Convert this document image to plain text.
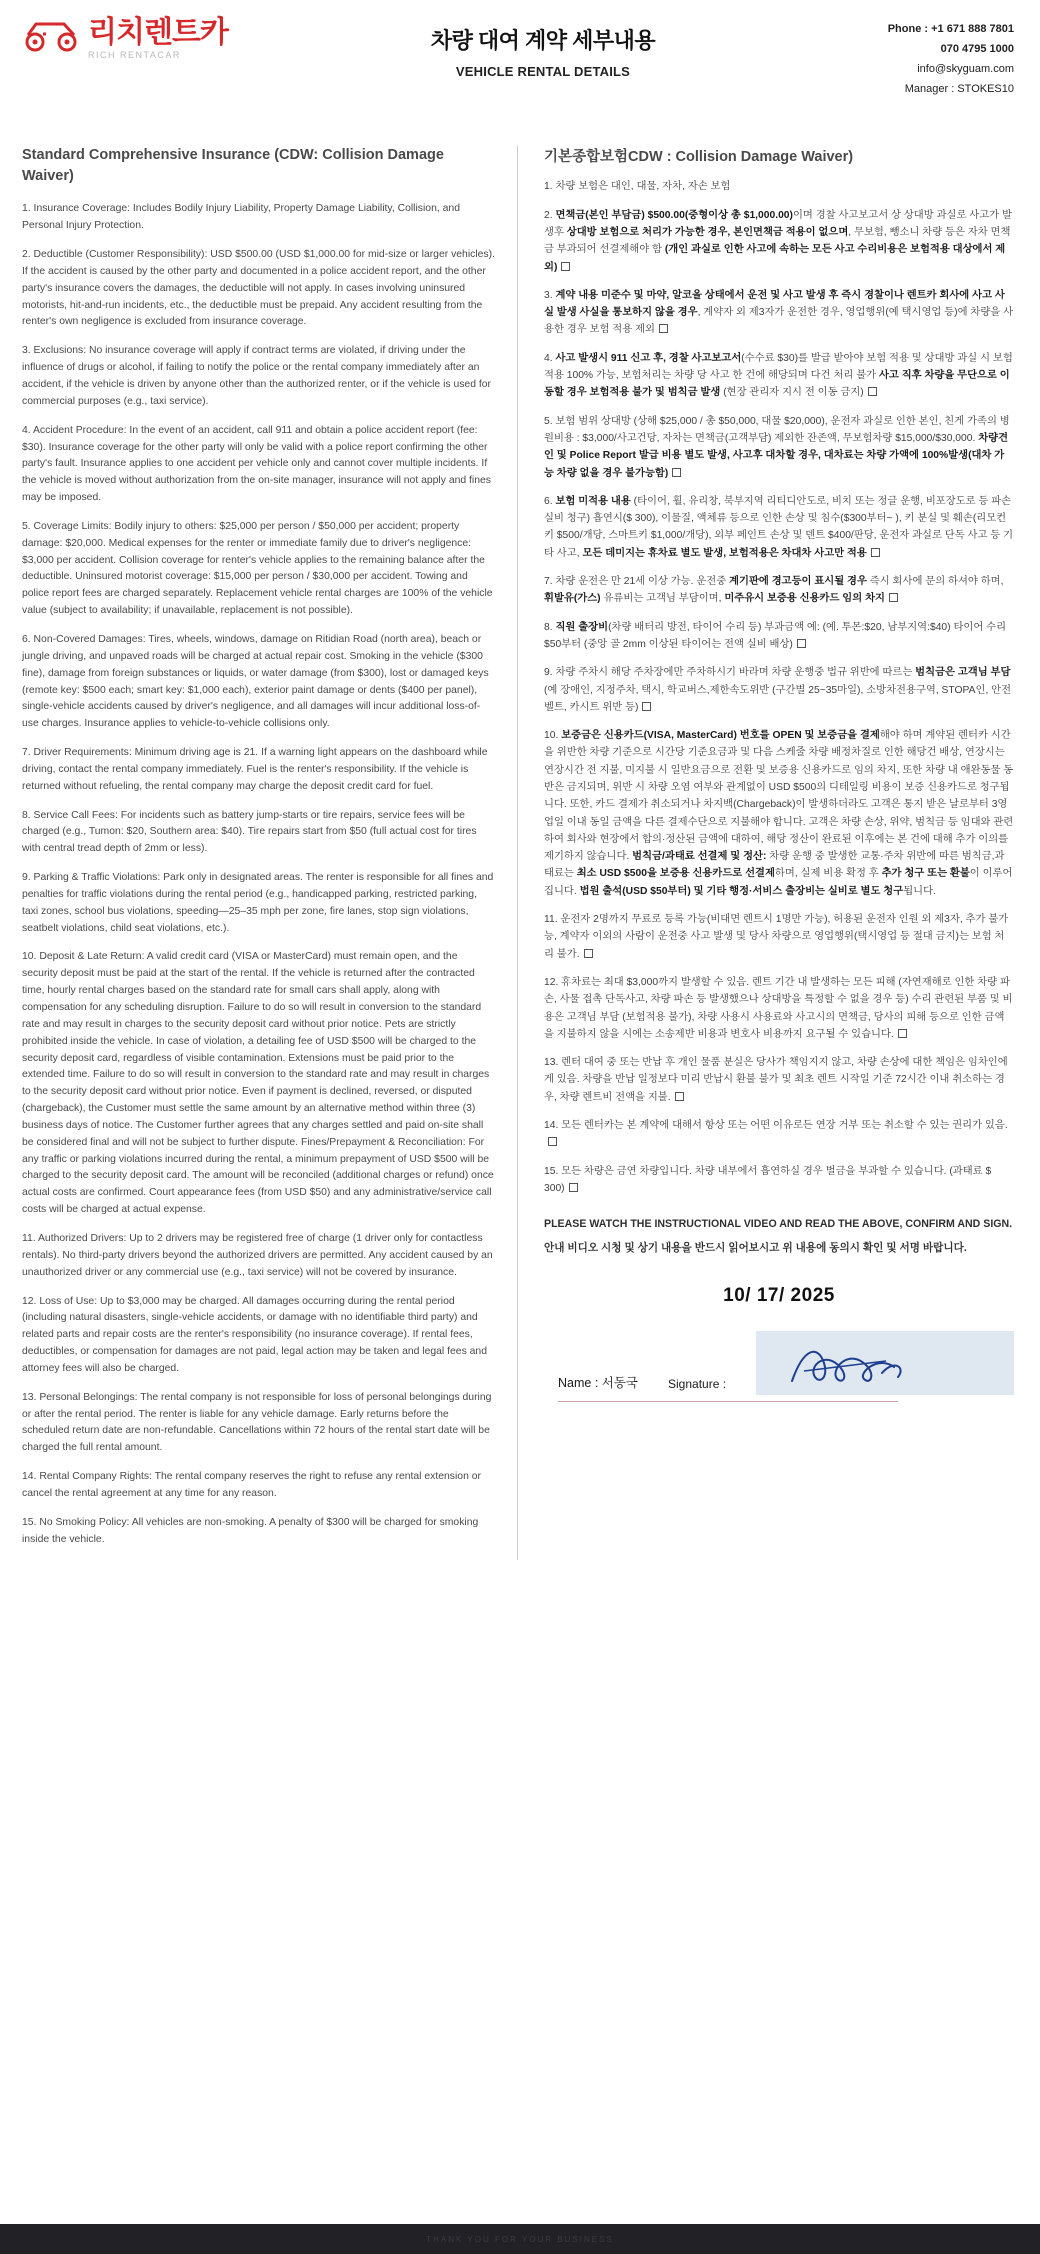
리치렌트카
RICH RENTACAR
차량 대여 계약 세부내용
VEHICLE RENTAL DETAILS
Phone : +1 671 888 7801
070 4795 1000
info@skyguam.com
Manager : STOKES10
Standard Comprehensive Insurance (CDW: Collision Damage Waiver)

1. Insurance Coverage: Includes Bodily Injury Liability, Property Damage Liability, Collision, and Personal Injury Protection.

2. Deductible (Customer Responsibility): USD $500.00 (USD $1,000.00 for mid-size or larger vehicles). If the accident is caused by the other party and documented in a police accident report, and the other party's insurance covers the damages, the deductible will not apply. In cases involving uninsured motorists, hit-and-run incidents, etc., the deductible must be prepaid. Any accident resulting from the renter's own negligence is excluded from insurance coverage.

3. Exclusions: No insurance coverage will apply if contract terms are violated, if driving under the influence of drugs or alcohol, if failing to notify the police or the rental company immediately after an accident, if the vehicle is driven by anyone other than the authorized renter, or if the vehicle is used for commercial purposes (e.g., taxi service).

4. Accident Procedure: In the event of an accident, call 911 and obtain a police accident report (fee: $30). Insurance coverage for the other party will only be valid with a police report confirming the other party's fault. Insurance applies to one accident per vehicle only and cannot cover multiple incidents. If the vehicle is moved without authorization from the on-site manager, insurance will not apply and fines may be imposed.

5. Coverage Limits: Bodily injury to others: $25,000 per person / $50,000 per accident; property damage: $20,000. Medical expenses for the renter or immediate family due to driver's negligence: $3,000 per accident. Collision coverage for renter's vehicle applies to the remaining balance after the deductible. Uninsured motorist coverage: $15,000 per person / $30,000 per accident. Towing and police report fees are charged separately. Replacement vehicle rental charges are 100% of the vehicle value (subject to availability; if unavailable, replacement is not possible).

6. Non-Covered Damages: Tires, wheels, windows, damage on Ritidian Road (north area), beach or jungle driving, and unpaved roads will be charged at actual repair cost. Smoking in the vehicle ($300 fine), damage from foreign substances or liquids, or water damage (from $300), lost or damaged keys (remote key: $500 each; smart key: $1,000 each), exterior paint damage or dents ($400 per panel), single-vehicle accidents caused by driver's negligence, and all damages will incur additional loss-of-use charges. Insurance applies to vehicle-to-vehicle collisions only.

7. Driver Requirements: Minimum driving age is 21. If a warning light appears on the dashboard while driving, contact the rental company immediately. Fuel is the renter's responsibility. If the vehicle is returned without refueling, the rental company may charge the deposit credit card for fuel.

8. Service Call Fees: For incidents such as battery jump-starts or tire repairs, service fees will be charged (e.g., Tumon: $20, Southern area: $40). Tire repairs start from $50 (full actual cost for tires with central tread depth of 2mm or less).

9. Parking & Traffic Violations: Park only in designated areas. The renter is responsible for all fines and penalties for traffic violations during the rental period (e.g., handicapped parking, restricted parking, taxi zones, school bus violations, speeding—25–35 mph per zone, fire lanes, stop sign violations, seatbelt violations, child seat violations, etc.).

10. Deposit & Late Return: A valid credit card (VISA or MasterCard) must remain open, and the security deposit must be paid at the start of the rental. If the vehicle is returned after the contracted time, hourly rental charges based on the standard rate for small cars shall apply, along with compensation for any scheduling disruption. Failure to do so will result in conversion to the standard rate and may result in charges to the security deposit card without prior notice. Pets are strictly prohibited inside the vehicle. In case of violation, a detailing fee of USD $500 will be charged to the security deposit card, regardless of visible contamination. Extensions must be paid prior to the extended time. Failure to do so will result in conversion to the standard rate and may result in charges to the security deposit card without prior notice. Even if payment is declined, reversed, or disputed (chargeback), the Customer must settle the same amount by an alternative method within three (3) business days of notice. The Customer further agrees that any charges settled and paid on-site shall be considered final and will not be subject to further dispute. Fines/Prepayment & Reconciliation: For any traffic or parking violations incurred during the rental, a minimum prepayment of USD $500 will be charged to the security deposit card. The amount will be reconciled (additional charges or refund) once actual costs are confirmed. Court appearance fees (from USD $50) and any administrative/service call costs will be charged at actual expense.

11. Authorized Drivers: Up to 2 drivers may be registered free of charge (1 driver only for contactless rentals). No third-party drivers beyond the authorized drivers are permitted. Any accident caused by an unauthorized driver or any commercial use (e.g., taxi service) will not be covered by insurance.

12. Loss of Use: Up to $3,000 may be charged. All damages occurring during the rental period (including natural disasters, single-vehicle accidents, or damage with no identifiable third party) and related parts and repair costs are the renter's responsibility (no insurance coverage). If rental fees, deductibles, or compensation for damages are not paid, legal action may be taken and legal fees and attorney fees will also be charged.

13. Personal Belongings: The rental company is not responsible for loss of personal belongings during or after the rental period. The renter is liable for any vehicle damage. Early returns before the scheduled return date are non-refundable. Cancellations within 72 hours of the rental start date will be charged the full rental amount.

14. Rental Company Rights: The rental company reserves the right to refuse any rental extension or cancel the rental agreement at any time for any reason.

15. No Smoking Policy: All vehicles are non-smoking. A penalty of $300 will be charged for smoking inside the vehicle.

기본종합보험CDW : Collision Damage Waiver)

1. 차량 보험은 대인, 대물, 자차, 자손 보험

2. 면책금(본인 부담금) $500.00(중형이상 총 $1,000.00)이며 경찰 사고보고서 상 상대방 과실로 사고가 발생후 상대방 보험으로 처리가 가능한 경우, 본인면책금 적용이 없으며, 무보험, 뺑소니 차량 등은 자차 면책금 부과되어 선결제해야 함 (개인 과실로 인한 사고에 속하는 모든 사고 수리비용은 보험적용 대상에서 제외)

3. 계약 내용 미준수 및 마약, 알코올 상태에서 운전 및 사고 발생 후 즉시 경찰이나 렌트카 회사에 사고 사실 발생 사실을 통보하지 않을 경우, 계약자 외 제3자가 운전한 경우, 영업행위(예 택시영업 등)에 차량을 사용한 경우 보험 적용 제외

4. 사고 발생시 911 신고 후, 경찰 사고보고서(수수료 $30)를 발급 받아야 보험 적용 및 상대방 과실 시 보험 적용 100% 가능, 보험처리는 차량 당 사고 한 건에 해당되며 다건 처리 불가 사고 직후 차량을 무단으로 이동할 경우 보험적용 불가 및 범칙금 발생 (현장 관리자 지시 전 이동 금지)

5. 보험 범위 상대방 (상해 $25,000 / 총 $50,000, 대물 $20,000), 운전자 과실로 인한 본인, 친게 가족의 병원비용 : $3,000/사고건당, 자차는 면책금(고객부담) 제외한 잔존액, 무보험차량 $15,000/$30,000. 차량견인 및 Police Report 발급 비용 별도 발생, 사고후 대차할 경우, 대차료는 차량 가액에 100%발생(대차 가능 차량 없을 경우 불가능함)

6. 보험 미적용 내용 (타이어, 휠, 유리창, 북부지역 리티디안도로, 비치 또는 정글 운행, 비포장도로 등 파손 실비 청구) 흡연시($ 300), 이물질, 액체류 등으로 인한 손상 및 침수($300부터~ ), 키 분실 및 훼손(리모컨키 $500/개당, 스마트키 $1,000/개당), 외부 페인트 손상 및 덴트 $400/판당, 운전자 과실로 단독 사고 등 기타 사고, 모든 데미지는 휴차료 별도 발생, 보험적용은 차대차 사고만 적용

7. 차량 운전은 만 21세 이상 가능. 운전중 계기판에 경고등이 표시될 경우 즉시 회사에 문의 하셔야 하며, 휘발유(가스) 유류비는 고객님 부담이며, 미주유시 보증용 신용카드 임의 차지

8. 직원 출장비(차량 배터리 방전, 타이어 수리 등) 부과금액 예: (예. 투몬:$20, 남부지역:$40) 타이어 수리 $50부터 (중앙 골 2mm 이상된 타이어는 전액 실비 배상)

9. 차량 주차시 해당 주차장에만 주차하시기 바라며 차량 운행중 법규 위반에 따르는 범칙금은 고객님 부담(예 장애인, 지정주차, 택시, 학교버스,제한속도위반 (구간별 25~35마일), 소방차전용구역, STOPA인, 안전벨트, 카시트 위반 등)

10. 보증금은 신용카드(VISA, MasterCard) 번호를 OPEN 및 보증금을 결제해야 하며 계약된 렌터카 시간을 위반한 차량 기준으로 시간당 기준요금과 및 다음 스케줄 차량 배정차질로 인한 해당건 배상, 연장시는 연장시간 전 지불, 미지불 시 일반요금으로 전환 및 보증용 신용카드로 임의 차지, 또한 차량 내 애완동물 동반은 금지되며, 위반 시 차량 오염 여부와 관계없이 USD $500의 디테일링 비용이 보증 신용카드로 청구됩니다. 또한, 카드 결제가 취소되거나 차지백(Chargeback)이 발생하더라도 고객은 통지 받은 날로부터 3영업일 이내 동일 금액을 다른 결제수단으로 지불해야 합니다. 고객은 차량 손상, 위약, 범칙금 등 임대와 관련하여 회사와 현장에서 합의·정산된 금액에 대하여, 해당 정산이 완료된 이후에는 본 건에 대해 추가 이의를 제기하지 않습니다. 범칙금/과태료 선결제 및 정산: 차량 운행 중 발생한 교통·주차 위반에 따른 범칙금,과태료는 최소 USD $500을 보증용 신용카드로 선결제하며, 실제 비용 확정 후 추가 청구 또는 환불이 이루어집니다. 법원 출석(USD $50부터) 및 기타 행정·서비스 출장비는 실비로 별도 청구됩니다.

11. 운전자 2명까지 무료로 등록 가능(비대면 렌트시 1명만 가능), 허용된 운전자 인원 외 제3자, 추가 불가능, 계약자 이외의 사람이 운전중 사고 발생 및 당사 차량으로 영업행위(택시영업 등 절대 금지)는 보험 처리 불가.

12. 휴차료는 최대 $3,000까지 발생할 수 있음. 렌트 기간 내 발생하는 모든 피해 (자연재해로 인한 차량 파손, 사물 접촉 단독사고, 차량 파손 등 발생했으나 상대방을 특정할 수 없을 경우 등) 수리 관련된 부품 및 비용은 고객님 부담 (보험적용 불가), 차량 사용시 사용료와 사고시의 면책금, 당사의 피해 등으로 인한 금액을 지불하지 않을 시에는 소송제반 비용과 변호사 비용까지 요구될 수 있습니다.

13. 렌터 대여 중 또는 반납 후 개인 물품 분실은 당사가 책임지지 않고, 차량 손상에 대한 책임은 임차인에게 있음. 차량을 반납 일정보다 미리 반납시 환불 불가 및 최초 렌트 시작일 기준 72시간 이내 취소하는 경우, 차량 렌트비 전액을 지불.

14. 모든 렌터카는 본 계약에 대해서 항상 또는 어떤 이유로든 연장 거부 또는 취소할 수 있는 권리가 있음.

15. 모든 차량은 금연 차량입니다. 차량 내부에서 흡연하실 경우 벌금을 부과할 수 있습니다. (과태료 $ 300)

PLEASE WATCH THE INSTRUCTIONAL VIDEO AND READ THE ABOVE, CONFIRM AND SIGN.
안내 비디오 시청 및 상기 내용을 반드시 읽어보시고 위 내용에 동의시 확인 및 서명 바랍니다.
10/ 17/ 2025
Name : 서동국	Signature :
THANK YOU FOR YOUR BUSINESS
